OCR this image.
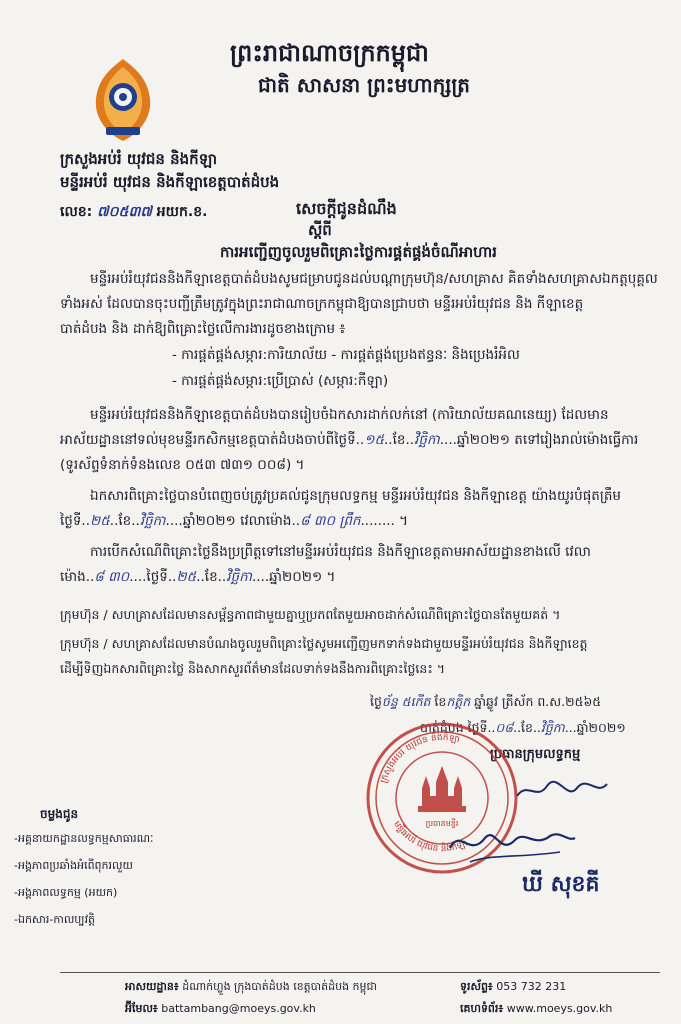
ព្រះរាជាណាចក្រកម្ពុជា
ជាតិ សាសនា ព្រះមហាក្សត្រ
ក្រសួងអប់រំ យុវជន និងកីឡា
មន្ទីរអប់រំ យុវជន និងកីឡាខេត្តបាត់ដំបង
លេខ: ៧០៥៣៧ អយក.ខ.	សេចក្តីជូនដំណឹង
ស្តីពី
ការអញ្ជើញចូលរួមពិគ្រោះថ្លៃការផ្គត់ផ្គង់ចំណីអាហារ
មន្ទីរអប់រំយុវជននិងកីឡាខេត្តបាត់ដំបងសូមជម្រាបជូនដល់បណ្តាក្រុមហ៊ុន/សហគ្រាស គិតទាំងសហគ្រាសឯកត្តបុគ្គល
ទាំងអស់ ដែលបានចុះបញ្ជីត្រឹមត្រូវក្នុងព្រះរាជាណាចក្រកម្ពុជាឱ្យបានជ្រាបថា មន្ទីរអប់រំយុវជន និង កីឡាខេត្ត
បាត់ដំបង និង ដាក់ឱ្យពិគ្រោះថ្លៃលើការងារដូចខាងក្រោម ៖
- ការផ្គត់ផ្គង់សម្ភារ:ការិយាល័យ - ការផ្គត់ផ្គង់ប្រេងឥន្ធនៈ និងប្រេងរំអិល
- ការផ្គត់ផ្គង់សម្ភារ:ប្រើប្រាស់ (សម្ភារ:កីឡា)
មន្ទីរអប់រំយុវជននិងកីឡាខេត្តបាត់ដំបងបានរៀបចំឯកសារដាក់លក់នៅ (ការិយាល័យគណនេយ្យ) ដែលមាន
អាស័យដ្ឋាននៅទល់មុខមន្ទីរកសិកម្មខេត្តបាត់ដំបងចាប់ពីថ្ងៃទី..១៥..ខែ..វិច្ឆិកា....ឆ្នាំ២០២១ តទៅរៀងរាល់ម៉ោងធ្វើការ
(ទូរស័ព្ទទំនាក់ទំនងលេខ ០៥៣ ៧៣១ ០០៨) ។
ឯកសារពិគ្រោះថ្លៃបានបំពេញចប់ត្រូវប្រគល់ជូនក្រុមលទ្ធកម្ម មន្ទីរអប់រំយុវជន និងកីឡាខេត្ត យ៉ាងយូរបំផុតត្រឹម
ថ្ងៃទី..២៥..ខែ..វិច្ឆិកា....ឆ្នាំ២០២១ វេលាម៉ោង..៨ ៣០ ព្រឹក........ ។
ការបើកសំណើពិគ្រោះថ្លៃនឹងប្រព្រឹត្តទៅនៅមន្ទីរអប់រំយុវជន និងកីឡាខេត្តតាមអាស័យដ្ឋានខាងលើ វេលា
ម៉ោង..៨ ៣០....ថ្ងៃទី..២៥..ខែ..វិច្ឆិកា....ឆ្នាំ២០២១ ។
ក្រុមហ៊ុន / សហគ្រាសដែលមានសម្ព័ន្ធភាពជាមួយគ្នាឬប្រភពតែមួយអាចដាក់សំណើពិគ្រោះថ្លៃបានតែមួយគត់ ។
ក្រុមហ៊ុន / សហគ្រាសដែលមានបំណងចូលរួមពិគ្រោះថ្លៃសូមអញ្ជើញមកទាក់ទងជាមួយមន្ទីរអប់រំយុវជន និងកីឡាខេត្ត
ដើម្បីទិញឯកសារពិគ្រោះថ្លៃ និងសាកសួរព័ត៌មានដែលទាក់ទងនឹងការពិគ្រោះថ្លៃនេះ ។
ថ្ងៃច័ន្ទ ៥កើត ខែកត្តិក ឆ្នាំឆ្លូវ ត្រីស័ក ព.ស.២៥៦៥
បាត់ដំបង ថ្ងៃទី..០៨..ខែ..វិច្ឆិកា...ឆ្នាំ២០២១
ប្រធានក្រុមលទ្ធកម្ម
ក្រសួងអប់រំ យុវជន និងកីឡា
មន្ទីរអប់រំ យុវជន និងកីឡា
ប្រធានមន្ទីរ
ឃី សុខគី
ចម្លងជូន
-អគ្គនាយកដ្ឋានលទ្ធកម្មសាធារណៈ
-អង្គភាពប្រឆាំងអំពើពុករលួយ
-អង្គភាពលទ្ធកម្ម (អយក)
-ឯកសារ-កាលប្បវត្តិ
អាសយដ្ឋាន៖ ដំណាក់ហ្លួង ក្រុងបាត់ដំបង ខេត្តបាត់ដំបង កម្ពុជា
អ៊ីមែល៖ battambang@moeys.gov.kh
ទូរស័ព្ទ៖ 053 732 231
គេហទំព័រ៖ www.moeys.gov.kh
